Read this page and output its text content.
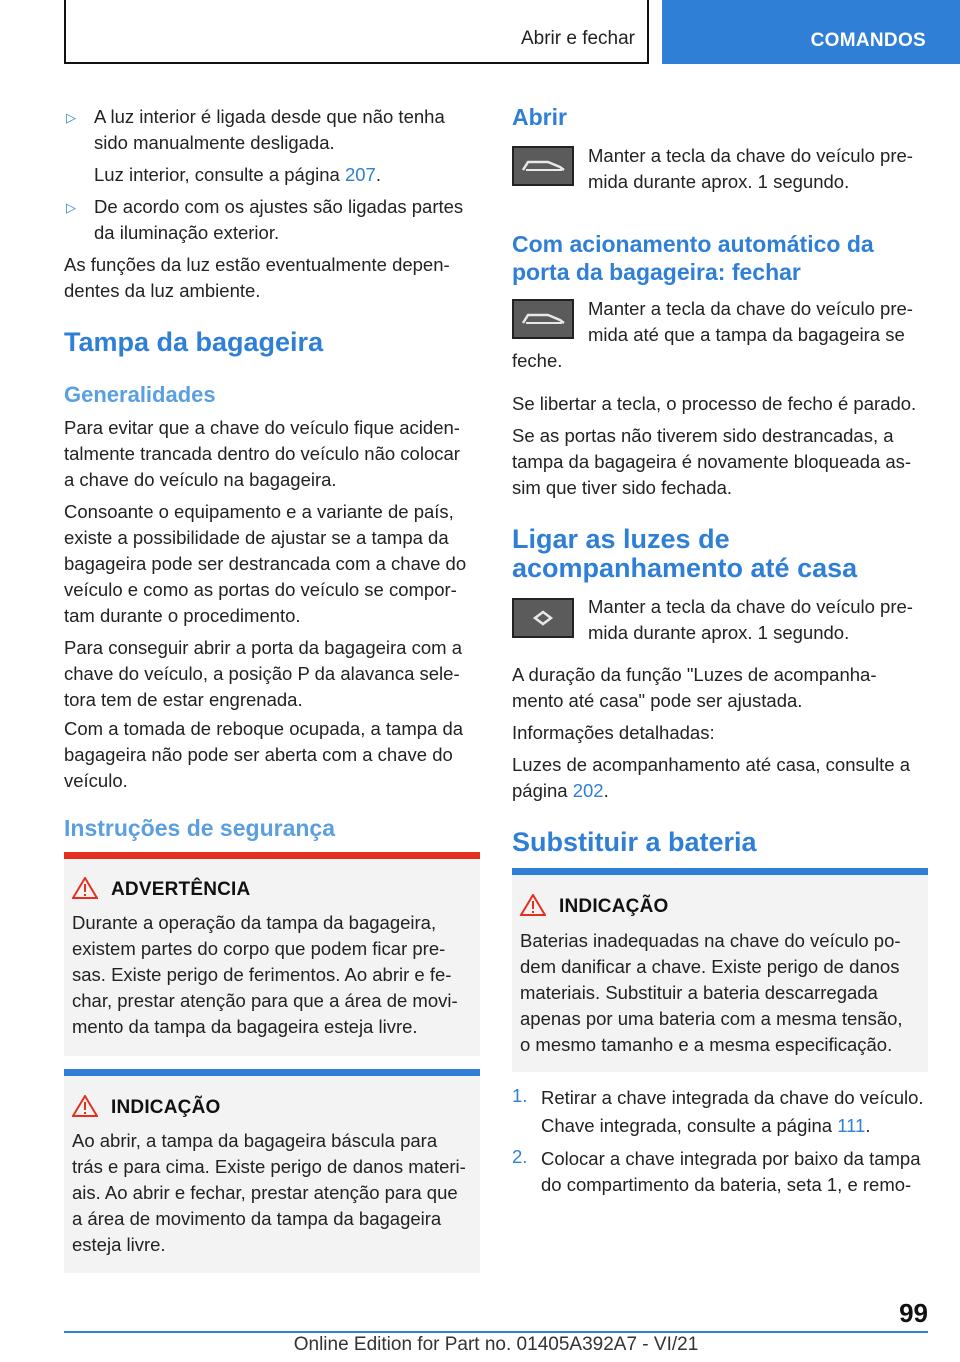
Abrir e fechar	COMANDOS
▷ A luz interior é ligada desde que não tenha
sido manualmente desligada.
Luz interior, consulte a página 207.
▷ De acordo com os ajustes são ligadas partes
da iluminação exterior.
As funções da luz estão eventualmente depen‐
dentes da luz ambiente.
Tampa da bagageira
Generalidades
Para evitar que a chave do veículo fique aciden‐
talmente trancada dentro do veículo não colocar
a chave do veículo na bagageira.
Consoante o equipamento e a variante de país,
existe a possibilidade de ajustar se a tampa da
bagageira pode ser destrancada com a chave do
veículo e como as portas do veículo se compor‐
tam durante o procedimento.
Para conseguir abrir a porta da bagageira com a
chave do veículo, a posição P da alavanca sele‐
tora tem de estar engrenada.
Com a tomada de reboque ocupada, a tampa da
bagageira não pode ser aberta com a chave do
veículo.
Instruções de segurança
ADVERTÊNCIA
Durante a operação da tampa da bagageira,
existem partes do corpo que podem ficar pre‐
sas. Existe perigo de ferimentos. Ao abrir e fe‐
char, prestar atenção para que a área de movi‐
mento da tampa da bagageira esteja livre.
INDICAÇÃO
Ao abrir, a tampa da bagageira báscula para
trás e para cima. Existe perigo de danos materi‐
ais. Ao abrir e fechar, prestar atenção para que
a área de movimento da tampa da bagageira
esteja livre.
Abrir
Manter a tecla da chave do veículo pre‐
mida durante aprox. 1 segundo.
Com acionamento automático da
porta da bagageira: fechar
Manter a tecla da chave do veículo pre‐
mida até que a tampa da bagageira se
feche.
Se libertar a tecla, o processo de fecho é parado.
Se as portas não tiverem sido destrancadas, a
tampa da bagageira é novamente bloqueada as‐
sim que tiver sido fechada.
Ligar as luzes de
acompanhamento até casa
Manter a tecla da chave do veículo pre‐
mida durante aprox. 1 segundo.
A duração da função "Luzes de acompanha‐
mento até casa" pode ser ajustada.
Informações detalhadas:
Luzes de acompanhamento até casa, consulte a
página 202.
Substituir a bateria
INDICAÇÃO
Baterias inadequadas na chave do veículo po‐
dem danificar a chave. Existe perigo de danos
materiais. Substituir a bateria descarregada
apenas por uma bateria com a mesma tensão,
o mesmo tamanho e a mesma especificação.
1. Retirar a chave integrada da chave do veículo.
Chave integrada, consulte a página 111.
2. Colocar a chave integrada por baixo da tampa
do compartimento da bateria, seta 1, e remo‐
99
Online Edition for Part no. 01405A392A7 - VI/21
